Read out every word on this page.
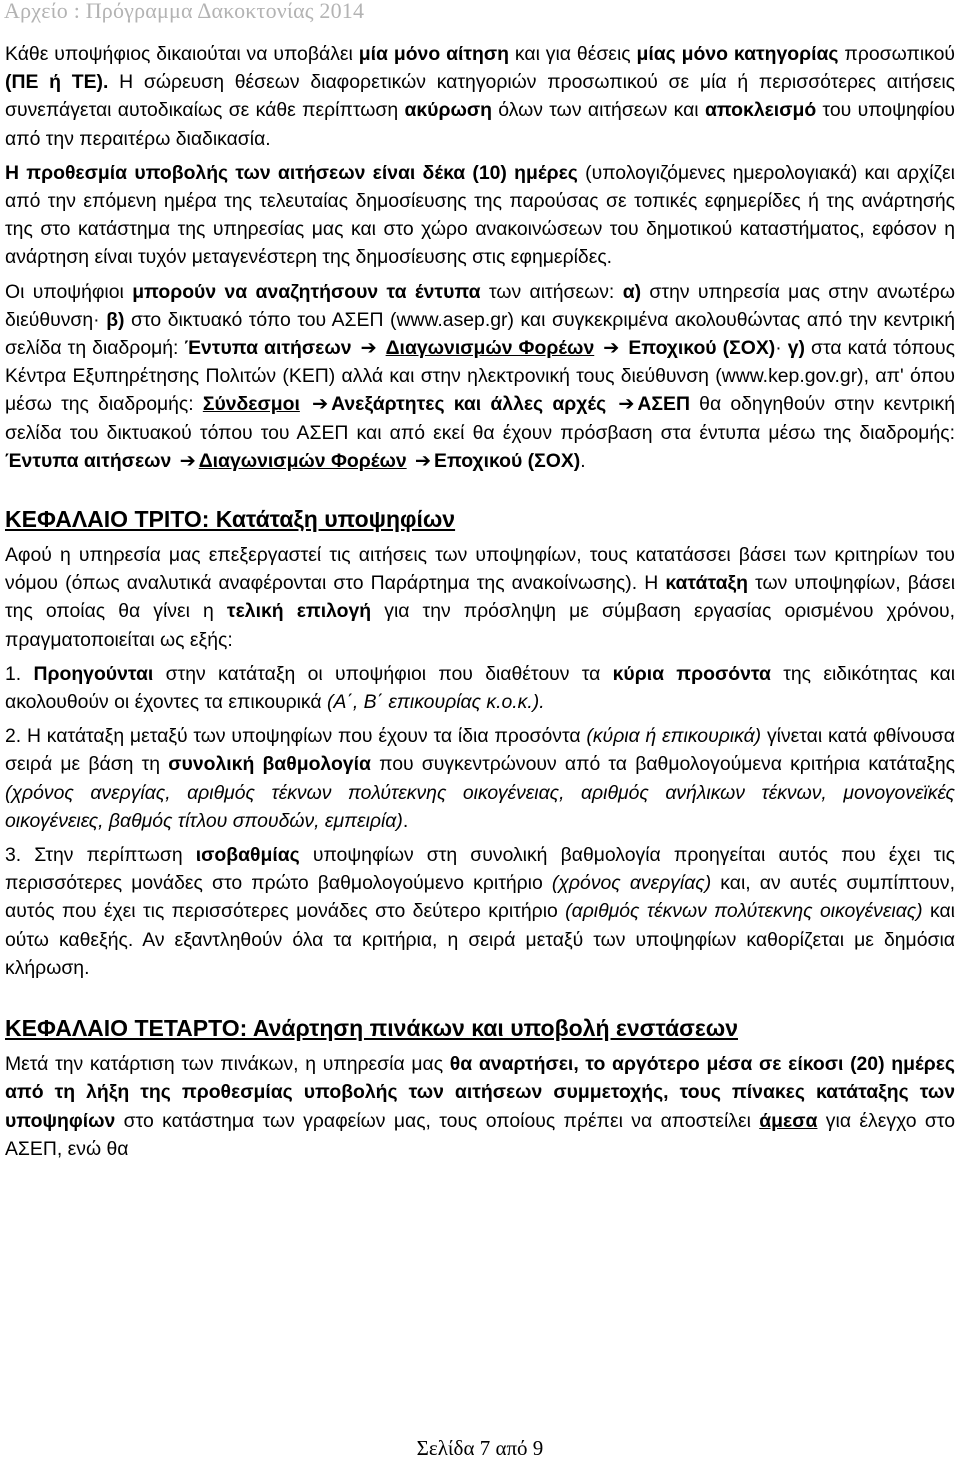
Αρχείο : Πρόγραμμα Δακοκτονίας 2014

Κάθε υποψήφιος δικαιούται να υποβάλει μία μόνο αίτηση και για θέσεις μίας μόνο κατηγορίας προσωπικού (ΠΕ ή ΤΕ). Η σώρευση θέσεων διαφορετικών κατηγοριών προσωπικού σε μία ή περισσότερες αιτήσεις συνεπάγεται αυτοδικαίως σε κάθε περίπτωση ακύρωση όλων των αιτήσεων και αποκλεισμό του υποψηφίου από την περαιτέρω διαδικασία.

Η προθεσμία υποβολής των αιτήσεων είναι δέκα (10) ημέρες (υπολογιζόμενες ημερολογιακά) και αρχίζει από την επόμενη ημέρα της τελευταίας δημοσίευσης της παρούσας σε τοπικές εφημερίδες ή της ανάρτησής της στο κατάστημα της υπηρεσίας μας και στο χώρο ανακοινώσεων του δημοτικού καταστήματος, εφόσον η ανάρτηση είναι τυχόν μεταγενέστερη της δημοσίευσης στις εφημερίδες.

Οι υποψήφιοι μπορούν να αναζητήσουν τα έντυπα των αιτήσεων: α) στην υπηρεσία μας στην ανωτέρω διεύθυνση· β) στο δικτυακό τόπο του ΑΣΕΠ (www.asep.gr) και συγκεκριμένα ακολουθώντας από την κεντρική σελίδα τη διαδρομή: Έντυπα αιτήσεων ➔ Διαγωνισμών Φορέων ➔ Εποχικού (ΣΟΧ)· γ) στα κατά τόπους Κέντρα Εξυπηρέτησης Πολιτών (ΚΕΠ) αλλά και στην ηλεκτρονική τους διεύθυνση (www.kep.gov.gr), απ' όπου μέσω της διαδρομής: Σύνδεσμοι ➔ Ανεξάρτητες και άλλες αρχές ➔ ΑΣΕΠ θα οδηγηθούν στην κεντρική σελίδα του δικτυακού τόπου του ΑΣΕΠ και από εκεί θα έχουν πρόσβαση στα έντυπα μέσω της διαδρομής: Έντυπα αιτήσεων ➔ Διαγωνισμών Φορέων ➔ Εποχικού (ΣΟΧ).

ΚΕΦΑΛΑΙΟ ΤΡΙΤΟ: Κατάταξη υποψηφίων

Αφού η υπηρεσία μας επεξεργαστεί τις αιτήσεις των υποψηφίων, τους κατατάσσει βάσει των κριτηρίων του νόμου (όπως αναλυτικά αναφέρονται στο Παράρτημα της ανακοίνωσης). Η κατάταξη των υποψηφίων, βάσει της οποίας θα γίνει η τελική επιλογή για την πρόσληψη με σύμβαση εργασίας ορισμένου χρόνου, πραγματοποιείται ως εξής:

1. Προηγούνται στην κατάταξη οι υποψήφιοι που διαθέτουν τα κύρια προσόντα της ειδικότητας και ακολουθούν οι έχοντες τα επικουρικά (Α΄, Β΄ επικουρίας κ.ο.κ.).

2. Η κατάταξη μεταξύ των υποψηφίων που έχουν τα ίδια προσόντα (κύρια ή επικουρικά) γίνεται κατά φθίνουσα σειρά με βάση τη συνολική βαθμολογία που συγκεντρώνουν από τα βαθμολογούμενα κριτήρια κατάταξης (χρόνος ανεργίας, αριθμός τέκνων πολύτεκνης οικογένειας, αριθμός ανήλικων τέκνων, μονογονεϊκές οικογένειες, βαθμός τίτλου σπουδών, εμπειρία).

3. Στην περίπτωση ισοβαθμίας υποψηφίων στη συνολική βαθμολογία προηγείται αυτός που έχει τις περισσότερες μονάδες στο πρώτο βαθμολογούμενο κριτήριο (χρόνος ανεργίας) και, αν αυτές συμπίπτουν, αυτός που έχει τις περισσότερες μονάδες στο δεύτερο κριτήριο (αριθμός τέκνων πολύτεκνης οικογένειας) και ούτω καθεξής. Αν εξαντληθούν όλα τα κριτήρια, η σειρά μεταξύ των υποψηφίων καθορίζεται με δημόσια κλήρωση.

ΚΕΦΑΛΑΙΟ ΤΕΤΑΡΤΟ: Ανάρτηση πινάκων και υποβολή ενστάσεων

Μετά την κατάρτιση των πινάκων, η υπηρεσία μας θα αναρτήσει, το αργότερο μέσα σε είκοσι (20) ημέρες από τη λήξη της προθεσμίας υποβολής των αιτήσεων συμμετοχής, τους πίνακες κατάταξης των υποψηφίων στο κατάστημα των γραφείων μας, τους οποίους πρέπει να αποστείλει άμεσα για έλεγχο στο ΑΣΕΠ, ενώ θα

Σελίδα 7 από 9
